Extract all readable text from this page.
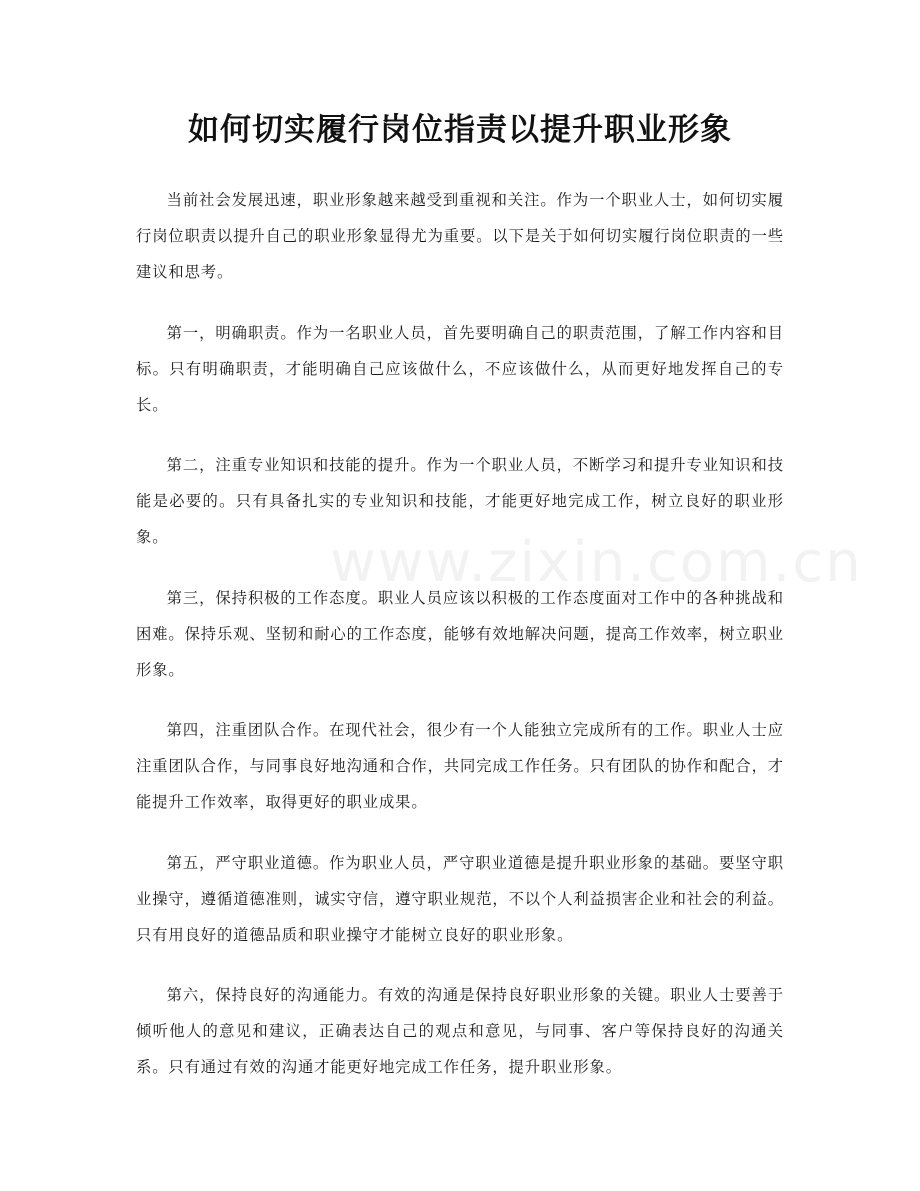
www.zixin.com.cn
如何切实履行岗位指责以提升职业形象

当前社会发展迅速，职业形象越来越受到重视和关注。作为一个职业人士，如何切实履行岗位职责以提升自己的职业形象显得尤为重要。以下是关于如何切实履行岗位职责的一些建议和思考。

第一，明确职责。作为一名职业人员，首先要明确自己的职责范围，了解工作内容和目标。只有明确职责，才能明确自己应该做什么，不应该做什么，从而更好地发挥自己的专长。

第二，注重专业知识和技能的提升。作为一个职业人员，不断学习和提升专业知识和技能是必要的。只有具备扎实的专业知识和技能，才能更好地完成工作，树立良好的职业形象。

第三，保持积极的工作态度。职业人员应该以积极的工作态度面对工作中的各种挑战和困难。保持乐观、坚韧和耐心的工作态度，能够有效地解决问题，提高工作效率，树立职业形象。

第四，注重团队合作。在现代社会，很少有一个人能独立完成所有的工作。职业人士应注重团队合作，与同事良好地沟通和合作，共同完成工作任务。只有团队的协作和配合，才能提升工作效率，取得更好的职业成果。

第五，严守职业道德。作为职业人员，严守职业道德是提升职业形象的基础。要坚守职业操守，遵循道德准则，诚实守信，遵守职业规范，不以个人利益损害企业和社会的利益。只有用良好的道德品质和职业操守才能树立良好的职业形象。

第六，保持良好的沟通能力。有效的沟通是保持良好职业形象的关键。职业人士要善于倾听他人的意见和建议，正确表达自己的观点和意见，与同事、客户等保持良好的沟通关系。只有通过有效的沟通才能更好地完成工作任务，提升职业形象。
